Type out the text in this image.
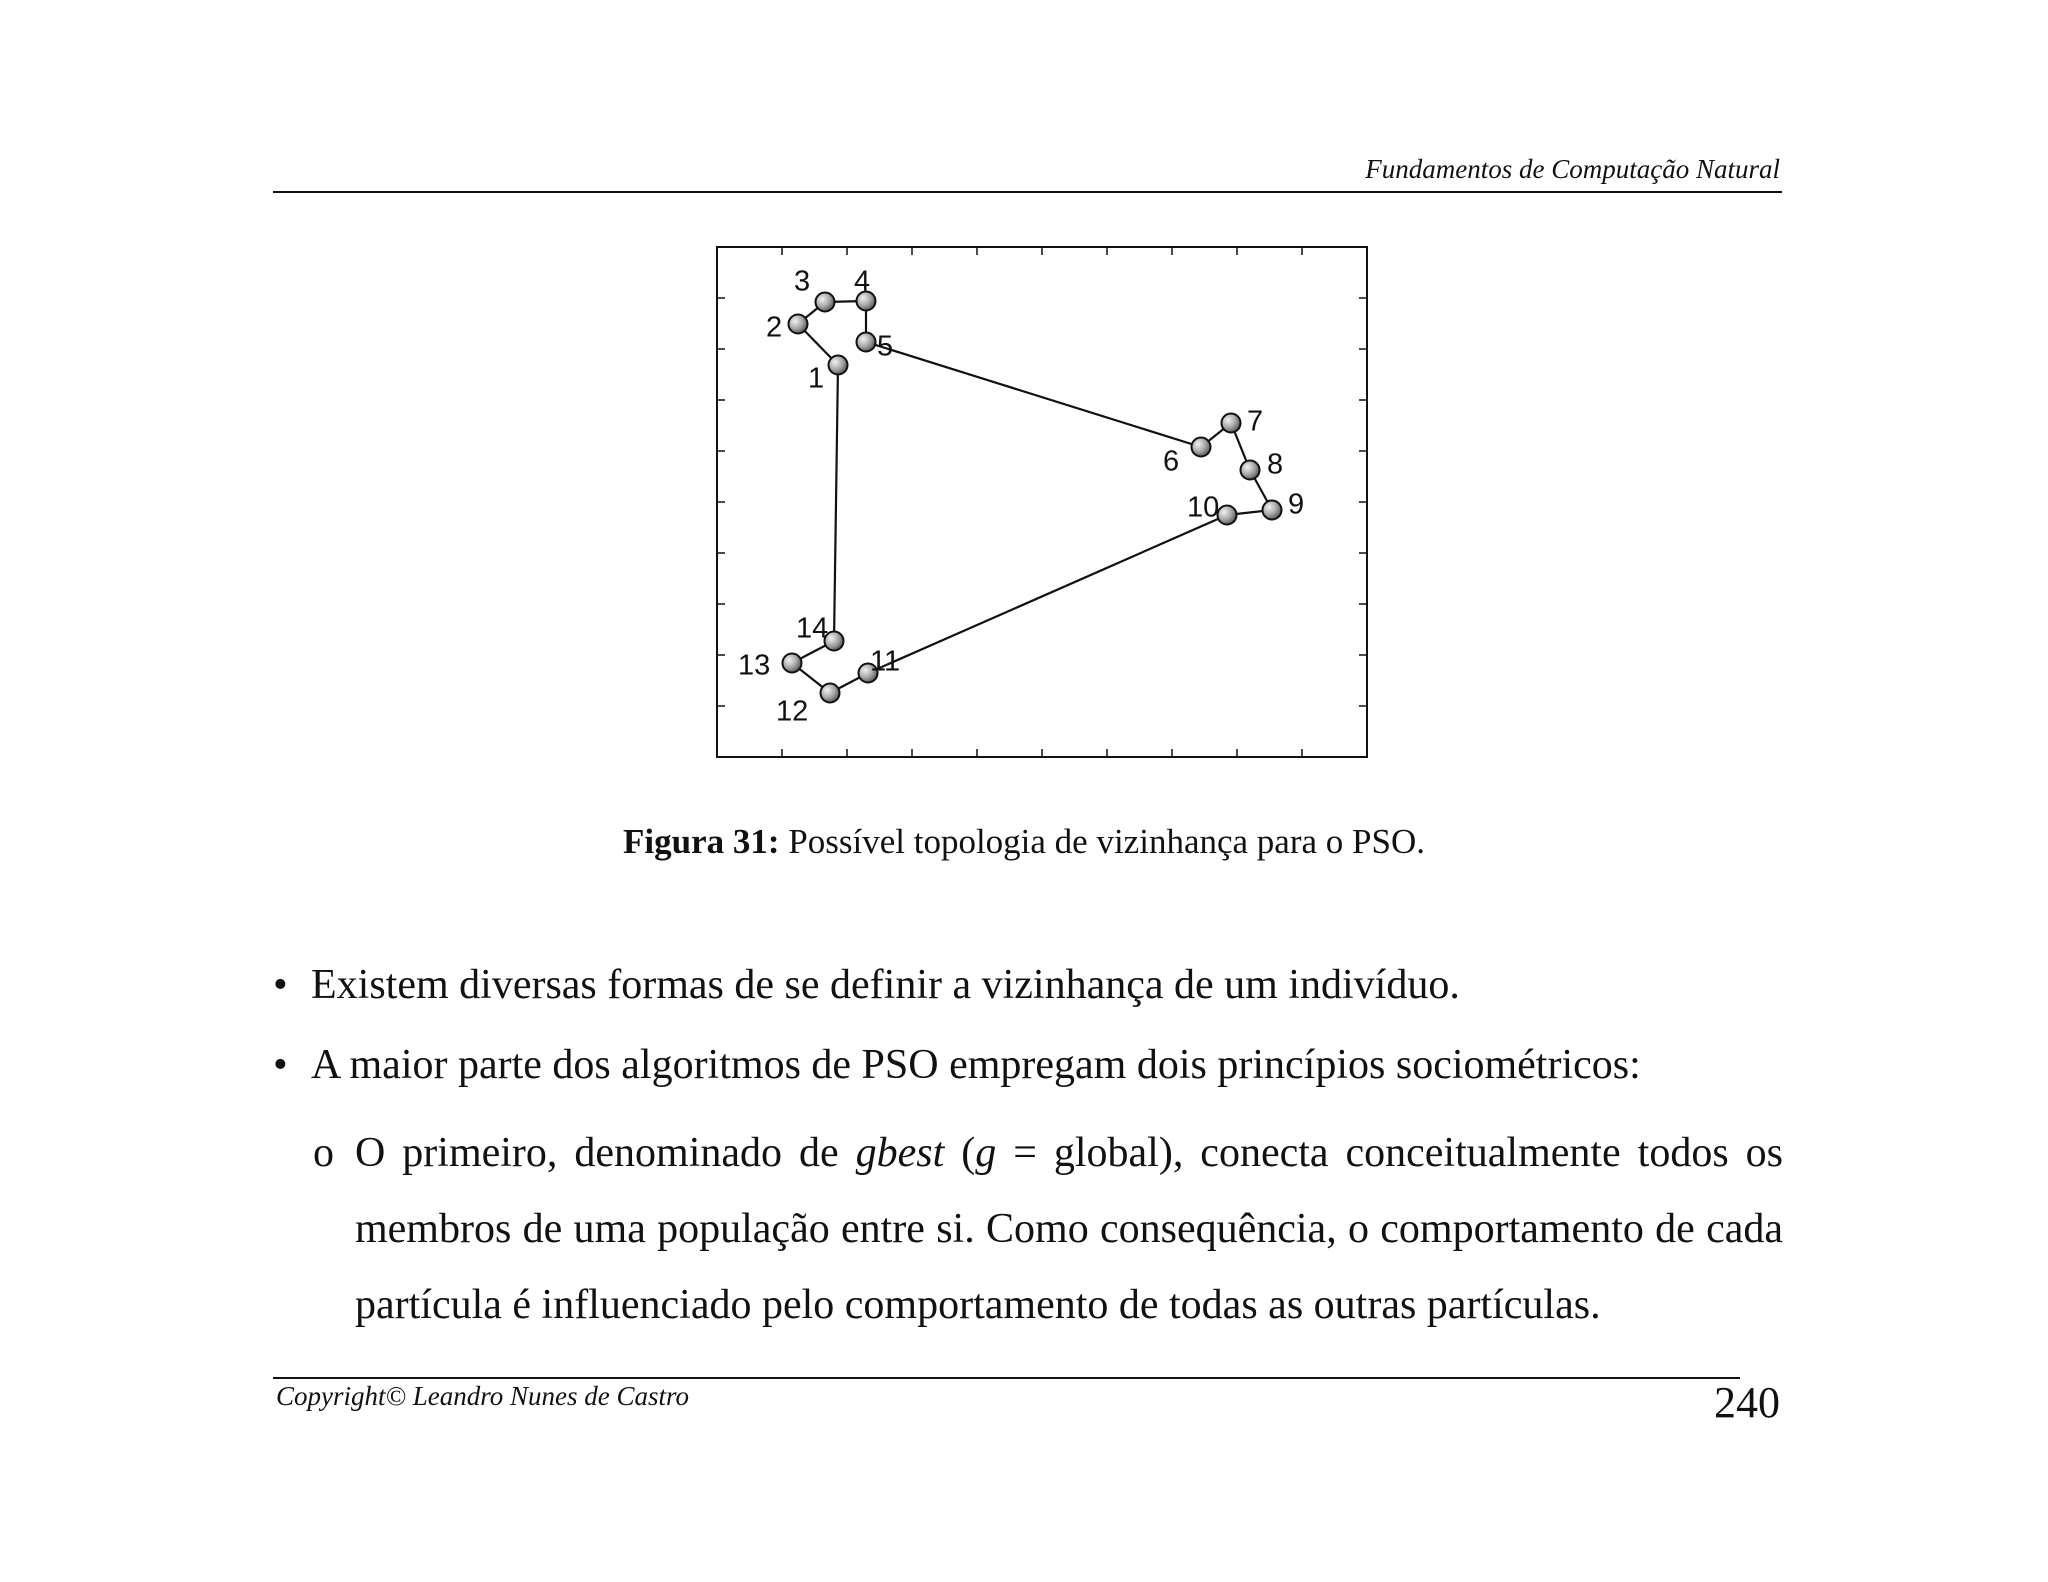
Fundamentos de Computação Natural
1
2
3 4
5
6
7
8
9
10
11
12
13
14
Figura 31: Possível topologia de vizinhança para o PSO.
• Existem diversas formas de se definir a vizinhança de um indivíduo.
• A maior parte dos algoritmos de PSO empregam dois princípios sociométricos:
o O primeiro, denominado de gbest (g = global), conecta conceitualmente todos os membros de uma população entre si. Como consequência, o comportamento de cada partícula é influenciado pelo comportamento de todas as outras partículas.
Copyright© Leandro Nunes de Castro	240
